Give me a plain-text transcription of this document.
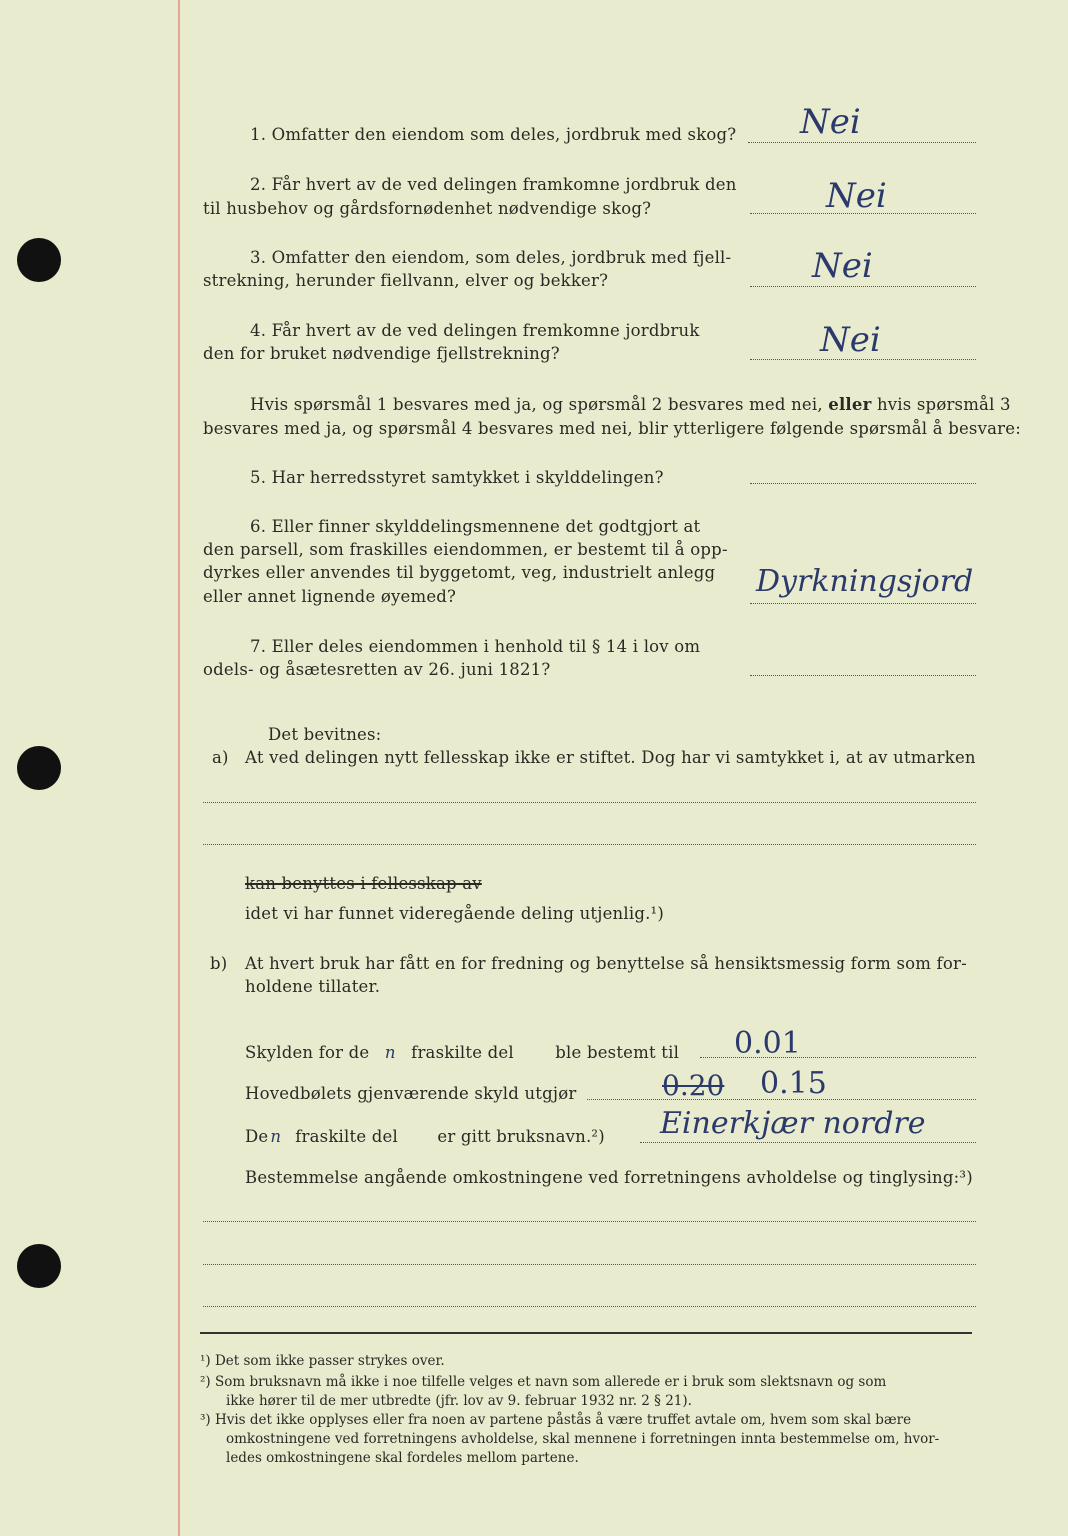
1. Omfatter den eiendom som deles, jordbruk med skog? Nei
2. Får hvert av de ved delingen framkomne jordbruk den
til husbehov og gårdsfornødenhet nødvendige skog?	Nei
3. Omfatter den eiendom, som deles, jordbruk med fjell-
strekning, herunder fiellvann, elver og bekker?	Nei
4. Får hvert av de ved delingen fremkomne jordbruk
den for bruket nødvendige fjellstrekning?	Nei
Hvis spørsmål 1 besvares med ja, og spørsmål 2 besvares med nei, eller hvis spørsmål 3
besvares med ja, og spørsmål 4 besvares med nei, blir ytterligere følgende spørsmål å besvare:
5. Har herredsstyret samtykket i skylddelingen?
6. Eller finner skylddelingsmennene det godtgjort at
den parsell, som fraskilles eiendommen, er bestemt til å opp-
dyrkes eller anvendes til byggetomt, veg, industrielt anlegg
eller annet lignende øyemed?	Dyrkningsjord
7. Eller deles eiendommen i henhold til § 14 i lov om
odels- og åsætesretten av 26. juni 1821?
Det bevitnes:
a) At ved delingen nytt fellesskap ikke er stiftet. Dog har vi samtykket i, at av utmarken
kan benyttes i fellesskap av
idet vi har funnet videregående deling utjenlig.¹)
b) At hvert bruk har fått en for fredning og benyttelse så hensiktsmessig form som for-
holdene tillater.
Skylden for de n fraskilte del	ble bestemt til 0.01
Hovedbølets gjenværende skyld utgjør	0.20 0.15
De n fraskilte del er gitt bruksnavn.²) Einerkjær nordre
Bestemmelse angående omkostningene ved forretningens avholdelse og tinglysing:³)
¹) Det som ikke passer strykes over.
²) Som bruksnavn må ikke i noe tilfelle velges et navn som allerede er i bruk som slektsnavn og som
ikke hører til de mer utbredte (jfr. lov av 9. februar 1932 nr. 2 § 21).
³) Hvis det ikke opplyses eller fra noen av partene påstås å være truffet avtale om, hvem som skal bære
omkostningene ved forretningens avholdelse, skal mennene i forretningen innta bestemmelse om, hvor-
ledes omkostningene skal fordeles mellom partene.
